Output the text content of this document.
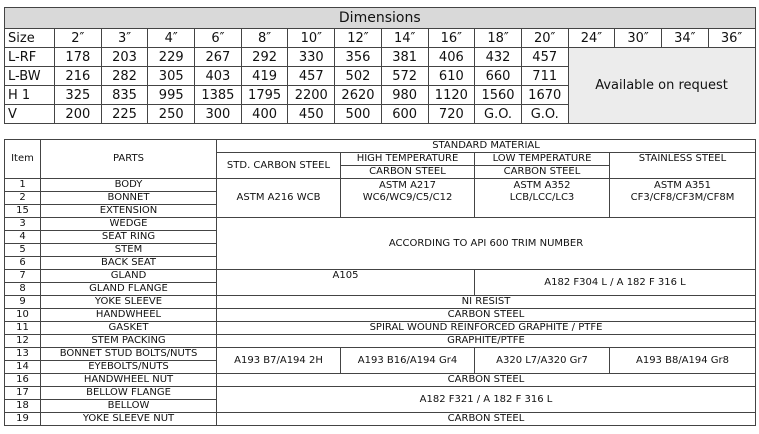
Dimensions															
Size	2″	3″	4″	6″	8″	10″	12″	14″	16″	18″	20″	24″	30″	34″	36″
L-RF	178	203	229	267	292	330	356	381	406	432	457	Available on request			
L-BW	216	282	305	403	419	457	502	572	610	660	711				
H 1	325	835	995	1385	1795	2200	2620	980	1120	1560	1670				
V	200	225	250	300	400	450	500	600	720	G.O.	G.O.				
Item	PARTS	STANDARD MATERIAL			
		STD. CARBON STEEL	HIGH TEMPERATURE	LOW TEMPERATURE	STAINLESS STEEL
			CARBON STEEL	CARBON STEEL	
1	BODY	ASTM A216 WCB	ASTM A217	ASTM A352	ASTM A351
2	BONNET		WC6/WC9/C5/C12	LCB/LCC/LC3	CF3/CF8/CF3M/CF8M
15	EXTENSION				
3	WEDGE	ACCORDING TO API 600 TRIM NUMBER			
4	SEAT RING				
5	STEM				
6	BACK SEAT				
7	GLAND	A105		A182 F304 L / A 182 F 316 L	
8	GLAND FLANGE				
9	YOKE SLEEVE	NI RESIST			
10	HANDWHEEL	CARBON STEEL			
11	GASKET	SPIRAL WOUND REINFORCED GRAPHITE / PTFE			
12	STEM PACKING	GRAPHITE/PTFE			
13	BONNET STUD BOLTS/NUTS	A193 B7/A194 2H	A193 B16/A194 Gr4	A320 L7/A320 Gr7	A193 B8/A194 Gr8
14	EYEBOLTS/NUTS				
16	HANDWHEEL NUT	CARBON STEEL			
17	BELLOW FLANGE	A182 F321 / A 182 F 316 L			
18	BELLOW				
19	YOKE SLEEVE NUT	CARBON STEEL			
